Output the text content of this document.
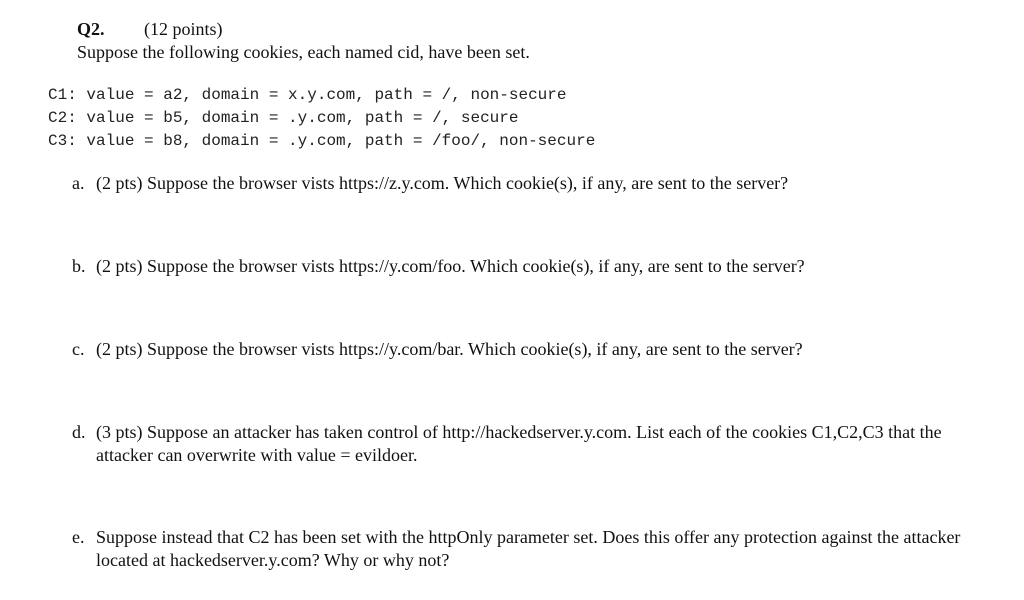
Q2. (12 points)
Suppose the following cookies, each named cid, have been set.
C1: value = a2, domain = x.y.com, path = /, non-secure
C2: value = b5, domain = .y.com, path = /, secure
C3: value = b8, domain = .y.com, path = /foo/, non-secure
a. (2 pts) Suppose the browser vists https://z.y.com. Which cookie(s), if any, are sent to the server?
b. (2 pts) Suppose the browser vists https://y.com/foo. Which cookie(s), if any, are sent to the server?
c. (2 pts) Suppose the browser vists https://y.com/bar. Which cookie(s), if any, are sent to the server?
d. (3 pts) Suppose an attacker has taken control of http://hackedserver.y.com. List each of the cookies C1,C2,C3 that the attacker can overwrite with value = evildoer.
e. Suppose instead that C2 has been set with the httpOnly parameter set. Does this offer any protection against the attacker located at hackedserver.y.com? Why or why not?
